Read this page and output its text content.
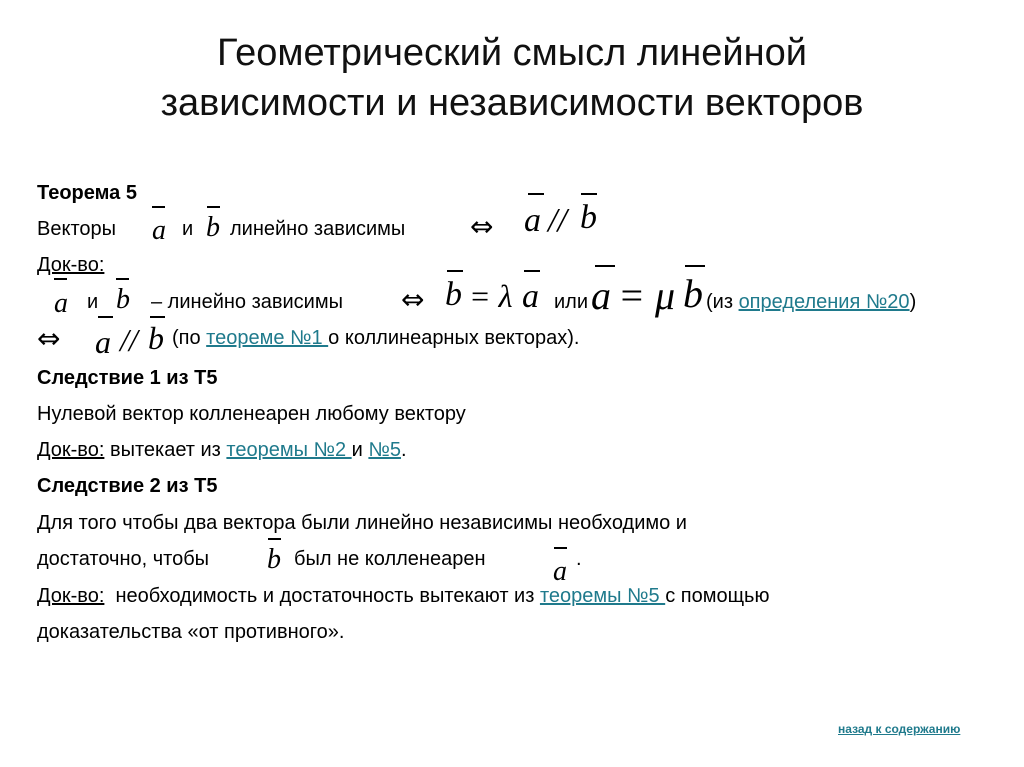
Геометрический смысл линейной
зависимости и независимости векторов
Теорема 5
Векторы a и b линейно зависимы ⇔ a // b
Док-во:
a и b – линейно зависимы ⇔ b = λ a или a = μ b (из определения №20)
⇔ a // b (по теореме №1 о коллинеарных векторах).
Следствие 1 из Т5
Нулевой вектор колленеарен любому вектору
Док-во: вытекает из теоремы №2 и №5.
Следствие 2 из Т5
Для того чтобы два вектора были линейно независимы необходимо и
достаточно, чтобы b был не колленеарен a .
Док-во:  необходимость и достаточность вытекают из теоремы №5 с помощью
доказательства «от противного».
назад к содержанию
